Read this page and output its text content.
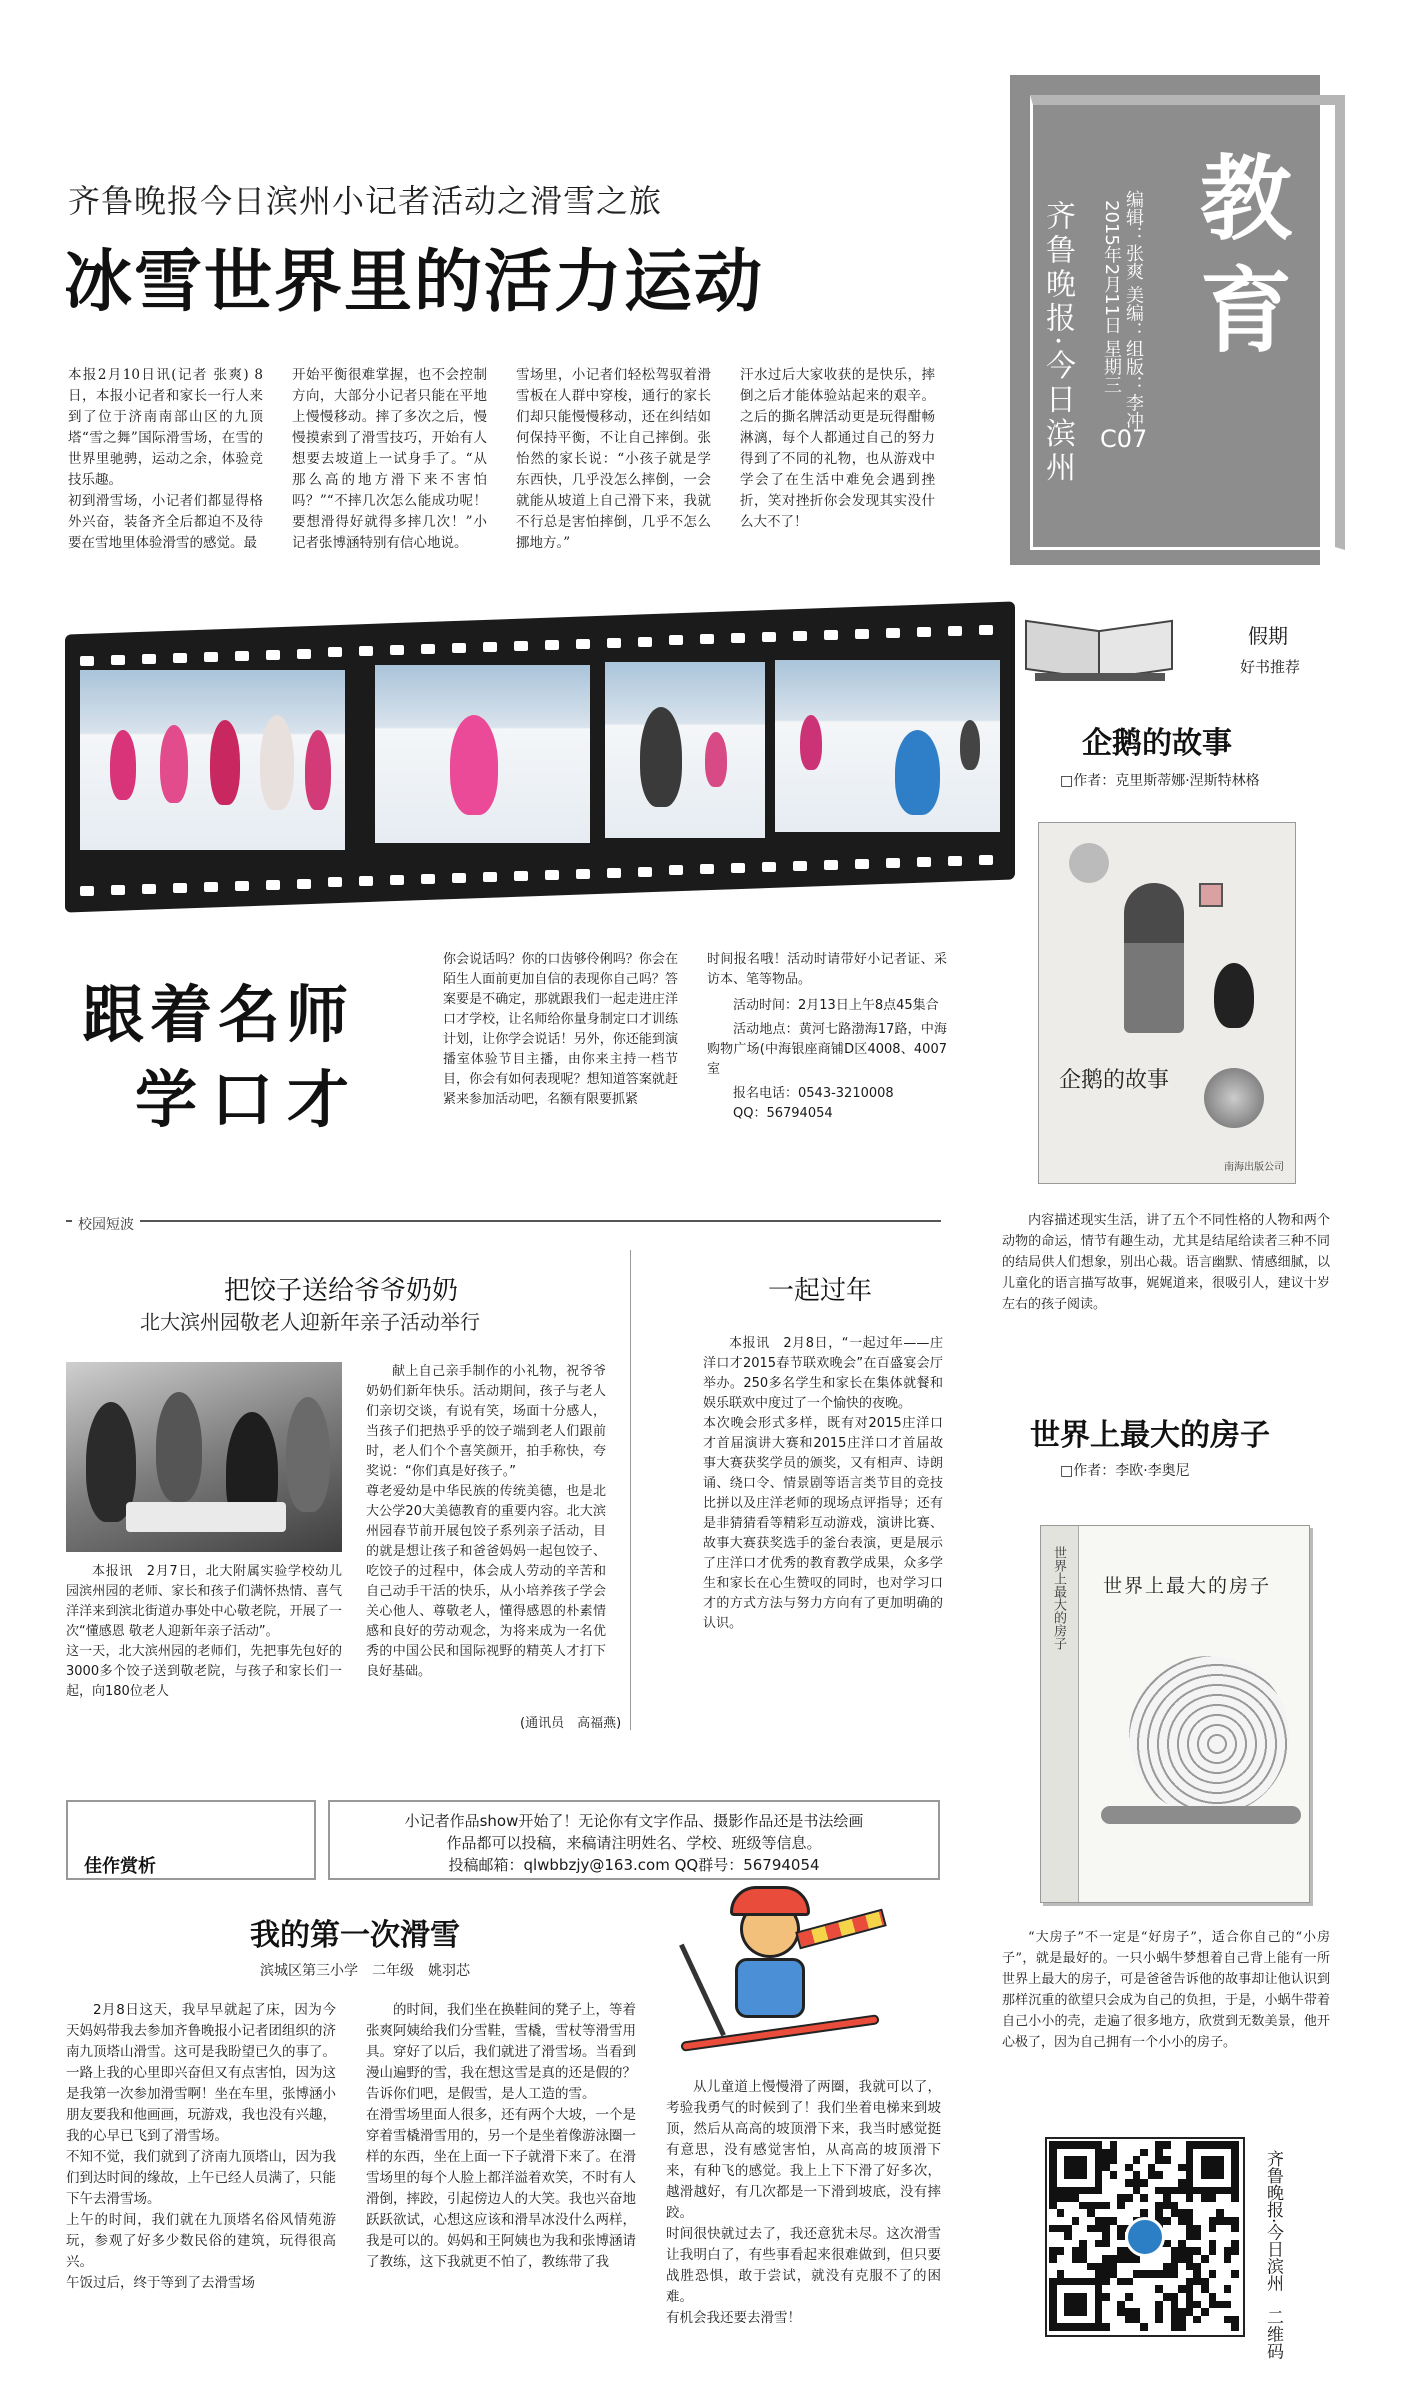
教育
齐鲁晚报·今日滨州	编辑：张爽 美编：组版：李冲
2015年2月11日 星期三
C07
齐鲁晚报今日滨州小记者活动之滑雪之旅
冰雪世界里的活力运动
本报2月10日讯(记者 张爽) 8日，本报小记者和家长一行人来到了位于济南南部山区的九顶塔“雪之舞”国际滑雪场，在雪的世界里驰骋，运动之余，体验竞技乐趣。
初到滑雪场，小记者们都显得格外兴奋，装备齐全后都迫不及待要在雪地里体验滑雪的感觉。最
开始平衡很难掌握，也不会控制方向，大部分小记者只能在平地上慢慢移动。摔了多次之后，慢慢摸索到了滑雪技巧，开始有人想要去坡道上一试身手了。“从那么高的地方滑下来不害怕吗？”“不摔几次怎么能成功呢！要想滑得好就得多摔几次！”小记者张博涵特别有信心地说。
雪场里，小记者们轻松驾驭着滑雪板在人群中穿梭，通行的家长们却只能慢慢移动，还在纠结如何保持平衡，不让自己摔倒。张怡然的家长说：“小孩子就是学东西快，几乎没怎么摔倒，一会就能从坡道上自己滑下来，我就不行总是害怕摔倒，几乎不怎么挪地方。”
汗水过后大家收获的是快乐，摔倒之后才能体验站起来的艰辛。之后的撕名牌活动更是玩得酣畅淋漓，每个人都通过自己的努力得到了不同的礼物，也从游戏中学会了在生活中难免会遇到挫折，笑对挫折你会发现其实没什么大不了！
跟着名师
学口才
你会说话吗？你的口齿够伶俐吗？你会在陌生人面前更加自信的表现你自己吗？答案要是不确定，那就跟我们一起走进庄洋口才学校，让名师给你量身制定口才训练计划，让你学会说话！另外，你还能到演播室体验节目主播，由你来主持一档节目，你会有如何表现呢？想知道答案就赶紧来参加活动吧，名额有限要抓紧
时间报名哦！活动时请带好小记者证、采访本、笔等物品。
活动时间：2月13日上午8点45集合
活动地点：黄河七路渤海17路，中海购物广场(中海银座商铺D区4008、4007室
报名电话：0543-3210008
QQ：56794054
校园短波
把饺子送给爷爷奶奶
北大滨州园敬老人迎新年亲子活动举行
本报讯　2月7日，北大附属实验学校幼儿园滨州园的老师、家长和孩子们满怀热情、喜气洋洋来到滨北街道办事处中心敬老院，开展了一次“懂感恩 敬老人迎新年亲子活动”。
这一天，北大滨州园的老师们，先把事先包好的3000多个饺子送到敬老院，与孩子和家长们一起，向180位老人
献上自己亲手制作的小礼物，祝爷爷奶奶们新年快乐。活动期间，孩子与老人们亲切交谈，有说有笑，场面十分感人，当孩子们把热乎乎的饺子端到老人们跟前时，老人们个个喜笑颜开，拍手称快，夸奖说：“你们真是好孩子。”
尊老爱幼是中华民族的传统美德，也是北大公学20大美德教育的重要内容。北大滨州园春节前开展包饺子系列亲子活动，目的就是想让孩子和爸爸妈妈一起包饺子、吃饺子的过程中，体会成人劳动的辛苦和自己动手干活的快乐，从小培养孩子学会关心他人、尊敬老人，懂得感恩的朴素情感和良好的劳动观念，为将来成为一名优秀的中国公民和国际视野的精英人才打下良好基础。
(通讯员　高福燕)
一起过年
本报讯　2月8日，“一起过年——庄洋口才2015春节联欢晚会”在百盛宴会厅举办。250多名学生和家长在集体就餐和娱乐联欢中度过了一个愉快的夜晚。
本次晚会形式多样，既有对2015庄洋口才首届演讲大赛和2015庄洋口才首届故事大赛获奖学员的颁奖，又有相声、诗朗诵、绕口令、情景剧等语言类节目的竞技比拼以及庄洋老师的现场点评指导；还有是非猜猜看等精彩互动游戏，演讲比赛、故事大赛获奖选手的釜台表演，更是展示了庄洋口才优秀的教育教学成果，众多学生和家长在心生赞叹的同时，也对学习口才的方式方法与努力方向有了更加明确的认识。
佳作赏析
小记者作品show开始了！无论你有文字作品、摄影作品还是书法绘画
作品都可以投稿，来稿请注明姓名、学校、班级等信息。
投稿邮箱：qlwbbzjy@163.com QQ群号：56794054
我的第一次滑雪
滨城区第三小学　二年级　姚羽芯
2月8日这天，我早早就起了床，因为今天妈妈带我去参加齐鲁晚报小记者团组织的济南九顶塔山滑雪。这可是我盼望已久的事了。
一路上我的心里即兴奋但又有点害怕，因为这是我第一次参加滑雪啊！坐在车里，张博涵小朋友要我和他画画，玩游戏，我也没有兴趣，我的心早已飞到了滑雪场。
不知不觉，我们就到了济南九顶塔山，因为我们到达时间的缘故，上午已经人员满了，只能下午去滑雪场。
上午的时间，我们就在九顶塔名俗风情苑游玩，参观了好多少数民俗的建筑，玩得很高兴。
午饭过后，终于等到了去滑雪场
的时间，我们坐在换鞋间的凳子上，等着张爽阿姨给我们分雪鞋，雪橇，雪杖等滑雪用具。穿好了以后，我们就进了滑雪场。当看到漫山遍野的雪，我在想这雪是真的还是假的？告诉你们吧，是假雪，是人工造的雪。
在滑雪场里面人很多，还有两个大坡，一个是穿着雪橇滑雪用的，另一个是坐着像游泳圈一样的东西，坐在上面一下子就滑下来了。在滑雪场里的每个人脸上都洋溢着欢笑，不时有人滑倒，摔跤，引起傍边人的大笑。我也兴奋地跃跃欲试，心想这应该和滑旱冰没什么两样，我是可以的。妈妈和王阿姨也为我和张博涵请了教练，这下我就更不怕了，教练带了我
从儿童道上慢慢滑了两圈，我就可以了，考验我勇气的时候到了！我们坐着电梯来到坡顶，然后从高高的坡顶滑下来，我当时感觉挺有意思，没有感觉害怕，从高高的坡顶滑下来，有种飞的感觉。我上上下下滑了好多次，越滑越好，有几次都是一下滑到坡底，没有摔跤。
时间很快就过去了，我还意犹未尽。这次滑雪让我明白了，有些事看起来很难做到，但只要战胜恐惧，敢于尝试，就没有克服不了的困难。
有机会我还要去滑雪！
假期
好书推荐
企鹅的故事
□作者：克里斯蒂娜·涅斯特林格
企鹅的故事
南海出版公司
内容描述现实生活，讲了五个不同性格的人物和两个动物的命运，情节有趣生动，尤其是结尾给读者三种不同的结局供人们想象，别出心裁。语言幽默、情感细腻，以儿童化的语言描写故事，娓娓道来，很吸引人，建议十岁左右的孩子阅读。
世界上最大的房子
□作者：李欧·李奥尼
世界上最大的房子 世界上最大的房子
“大房子”不一定是“好房子”，适合你自己的“小房子”，就是最好的。一只小蜗牛梦想着自己背上能有一所世界上最大的房子，可是爸爸告诉他的故事却让他认识到那样沉重的欲望只会成为自己的负担，于是，小蜗牛带着自己小小的壳，走遍了很多地方，欣赏到无数美景，他开心极了，因为自己拥有一个小小的房子。
齐鲁晚报·今日滨州　二维码
